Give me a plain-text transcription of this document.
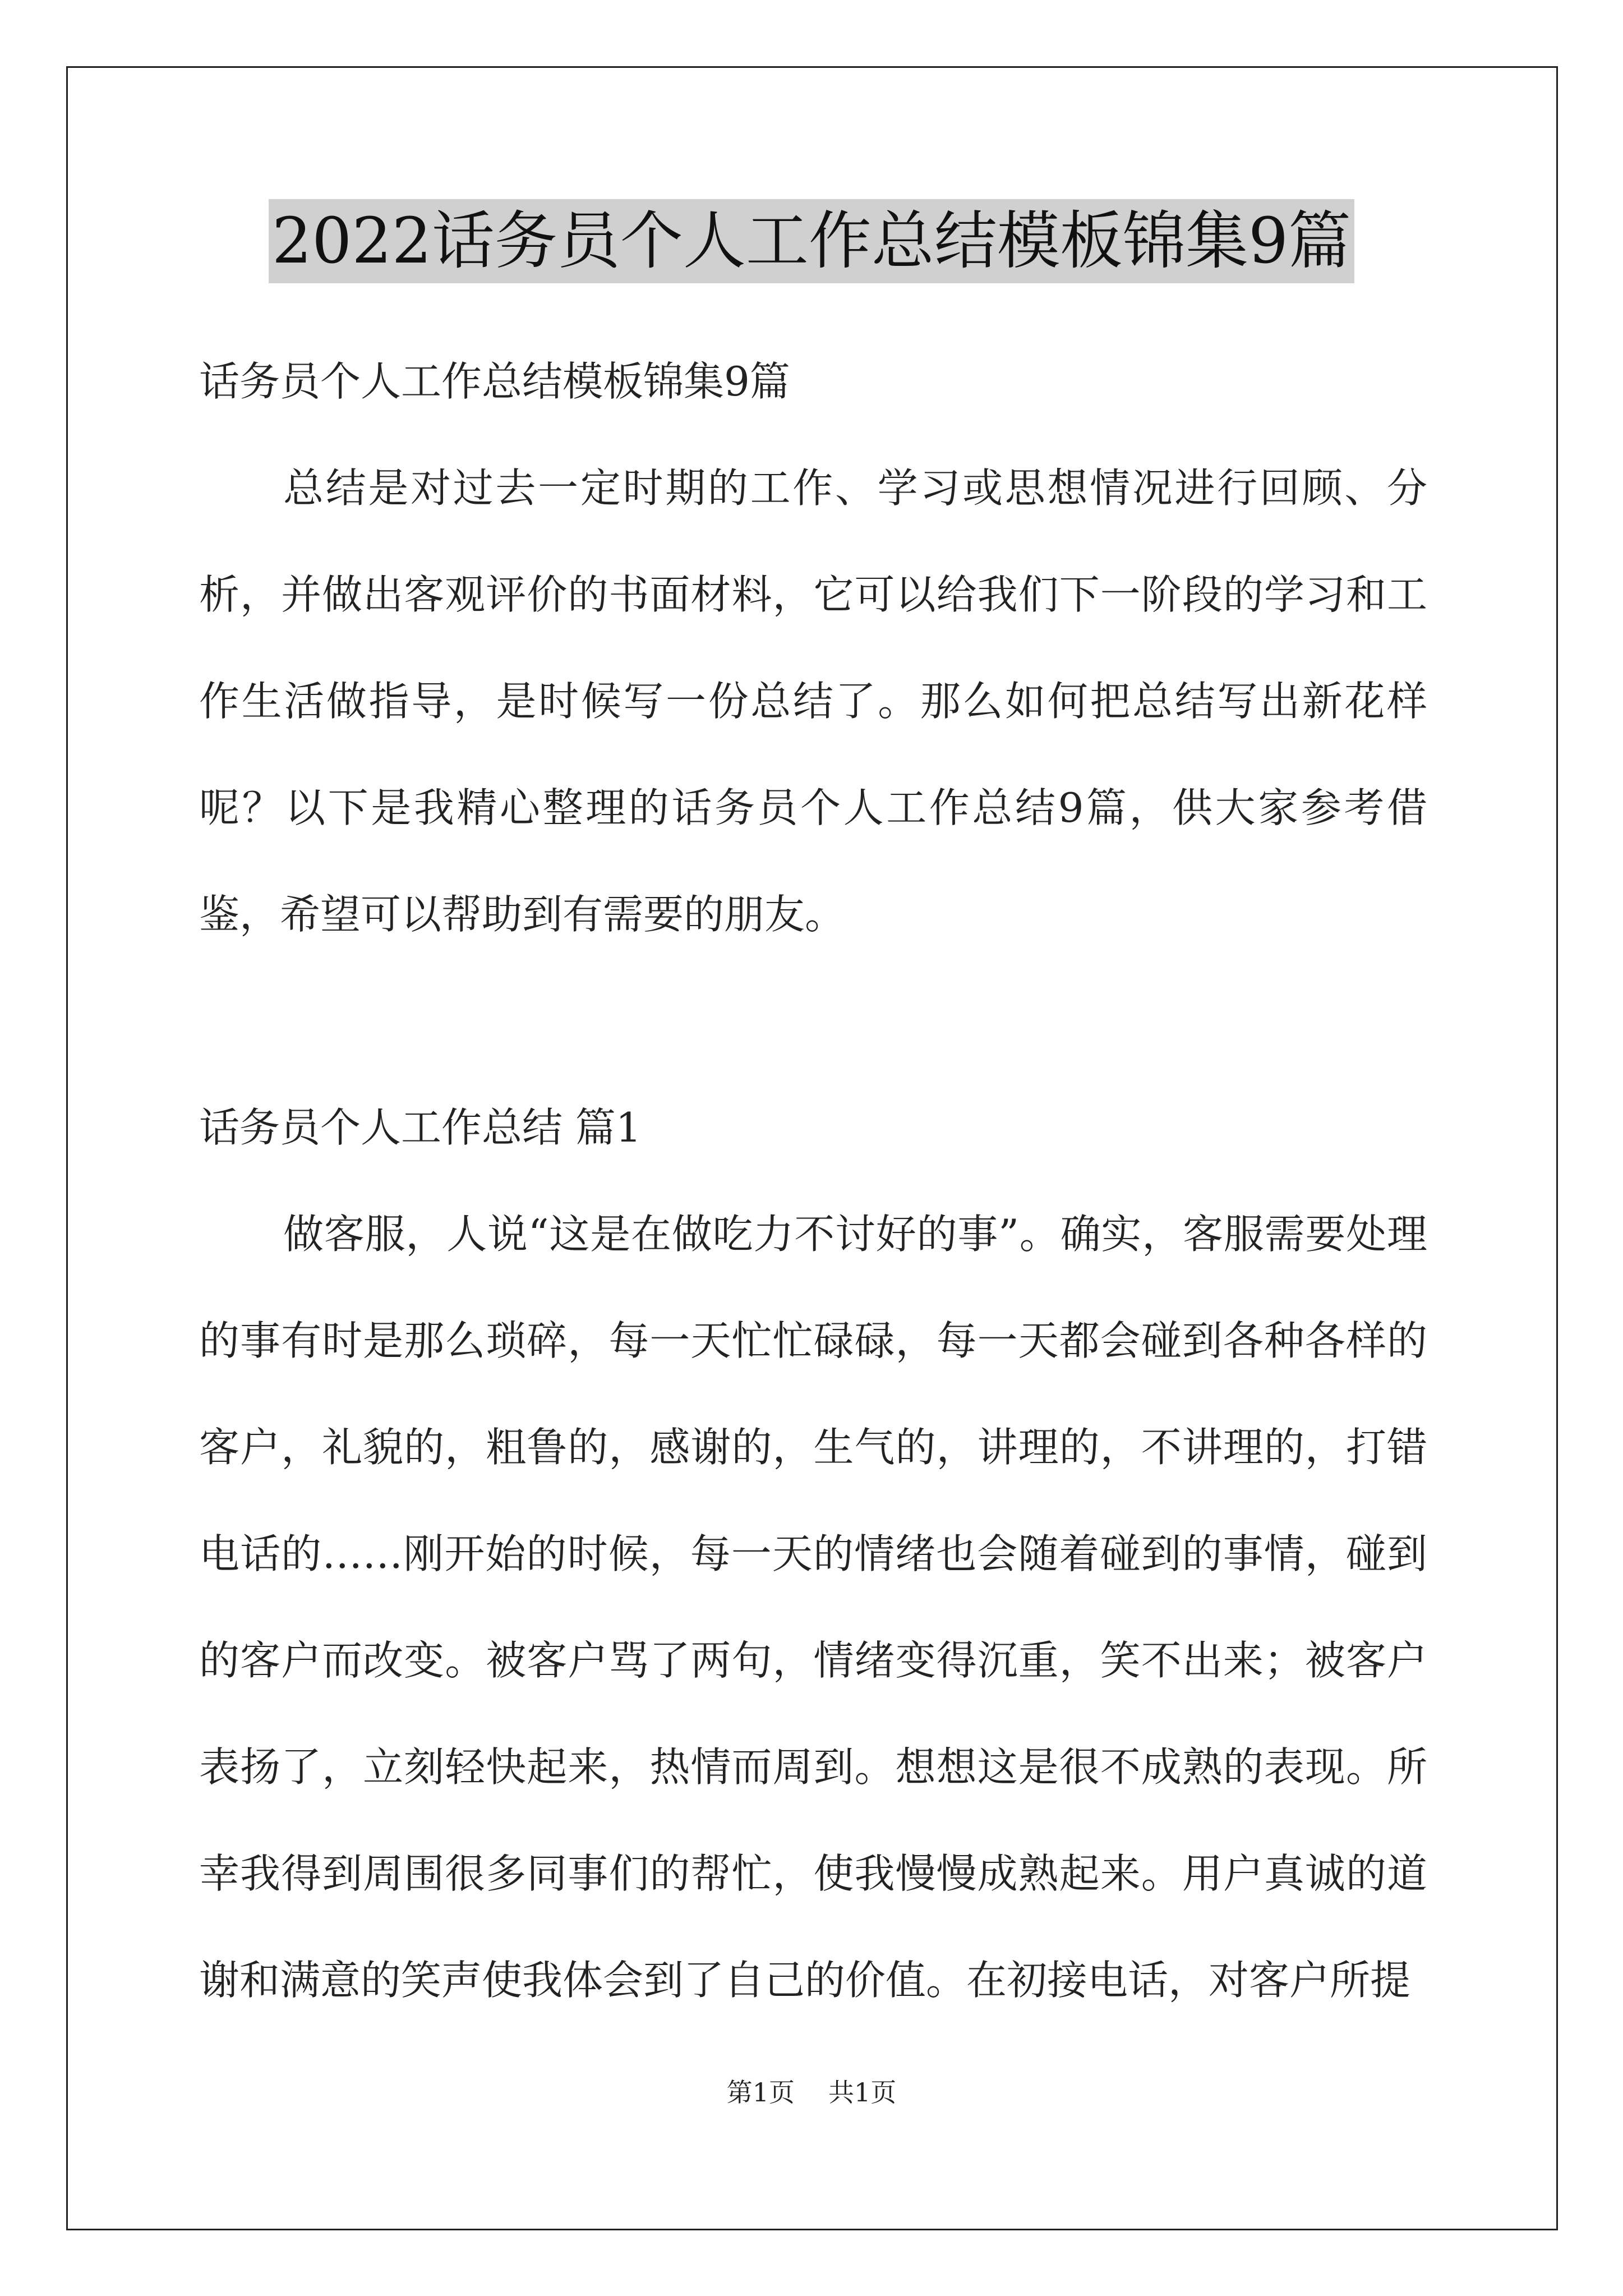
2022话务员个人工作总结模板锦集9篇

话务员个人工作总结模板锦集9篇

总结是对过去一定时期的工作、学习或思想情况进行回顾、分析，并做出客观评价的书面材料，它可以给我们下一阶段的学习和工作生活做指导，是时候写一份总结了。那么如何把总结写出新花样呢？以下是我精心整理的话务员个人工作总结9篇，供大家参考借鉴，希望可以帮助到有需要的朋友。

话务员个人工作总结 篇1

做客服，人说“这是在做吃力不讨好的事”。确实，客服需要处理的事有时是那么琐碎，每一天忙忙碌碌，每一天都会碰到各种各样的客户，礼貌的，粗鲁的，感谢的，生气的，讲理的，不讲理的，打错电话的……刚开始的时候，每一天的情绪也会随着碰到的事情，碰到的客户而改变。被客户骂了两句，情绪变得沉重，笑不出来；被客户表扬了，立刻轻快起来，热情而周到。想想这是很不成熟的表现。所幸我得到周围很多同事们的帮忙，使我慢慢成熟起来。用户真诚的道谢和满意的笑声使我体会到了自己的价值。在初接电话，对客户所提

第1页 共1页
